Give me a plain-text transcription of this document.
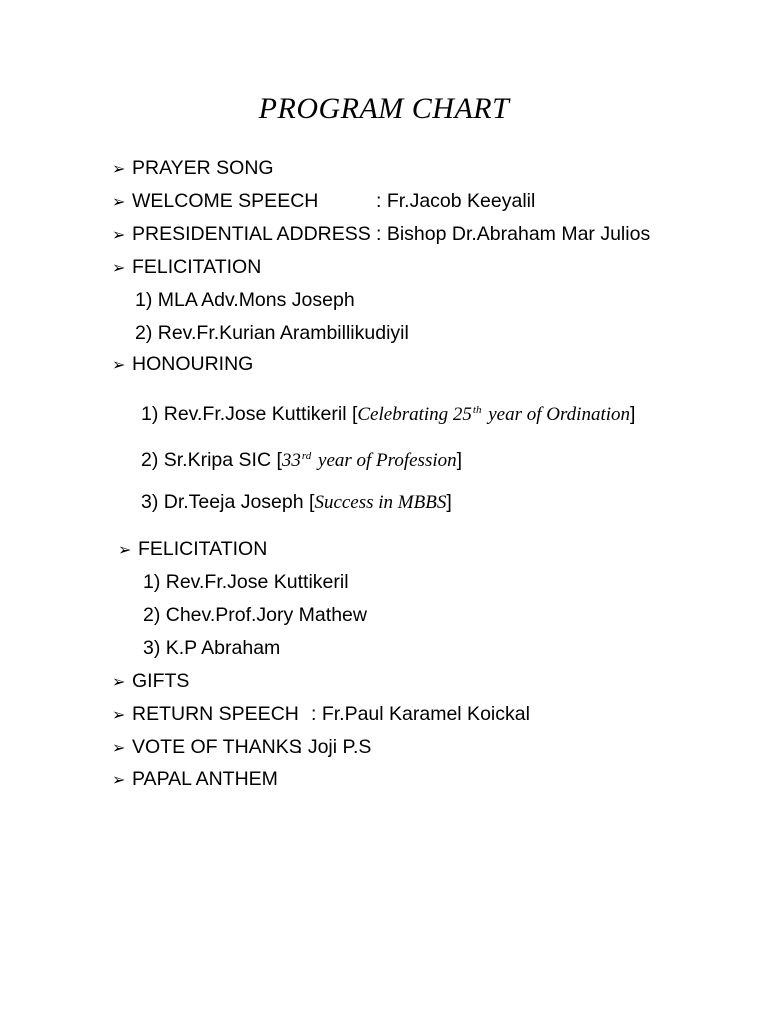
PROGRAM CHART
➢ PRAYER SONG
➢ WELCOME SPEECH	: Fr.Jacob Keeyalil
➢ PRESIDENTIAL ADDRESS : Bishop Dr.Abraham Mar Julios
➢ FELICITATION
1) MLA Adv.Mons Joseph
2) Rev.Fr.Kurian Arambillikudiyil
➢ HONOURING
1) Rev.Fr.Jose Kuttikeril [Celebrating 25th year of Ordination]
2) Sr.Kripa SIC [33rd year of Profession]
3) Dr.Teeja Joseph [Success in MBBS]
➢ FELICITATION
1) Rev.Fr.Jose Kuttikeril
2) Chev.Prof.Jory Mathew
3) K.P Abraham
➢ GIFTS
➢ RETURN SPEECH : Fr.Paul Karamel Koickal
➢ VOTE OF THANKS
: Joji P.S
➢ PAPAL ANTHEM
